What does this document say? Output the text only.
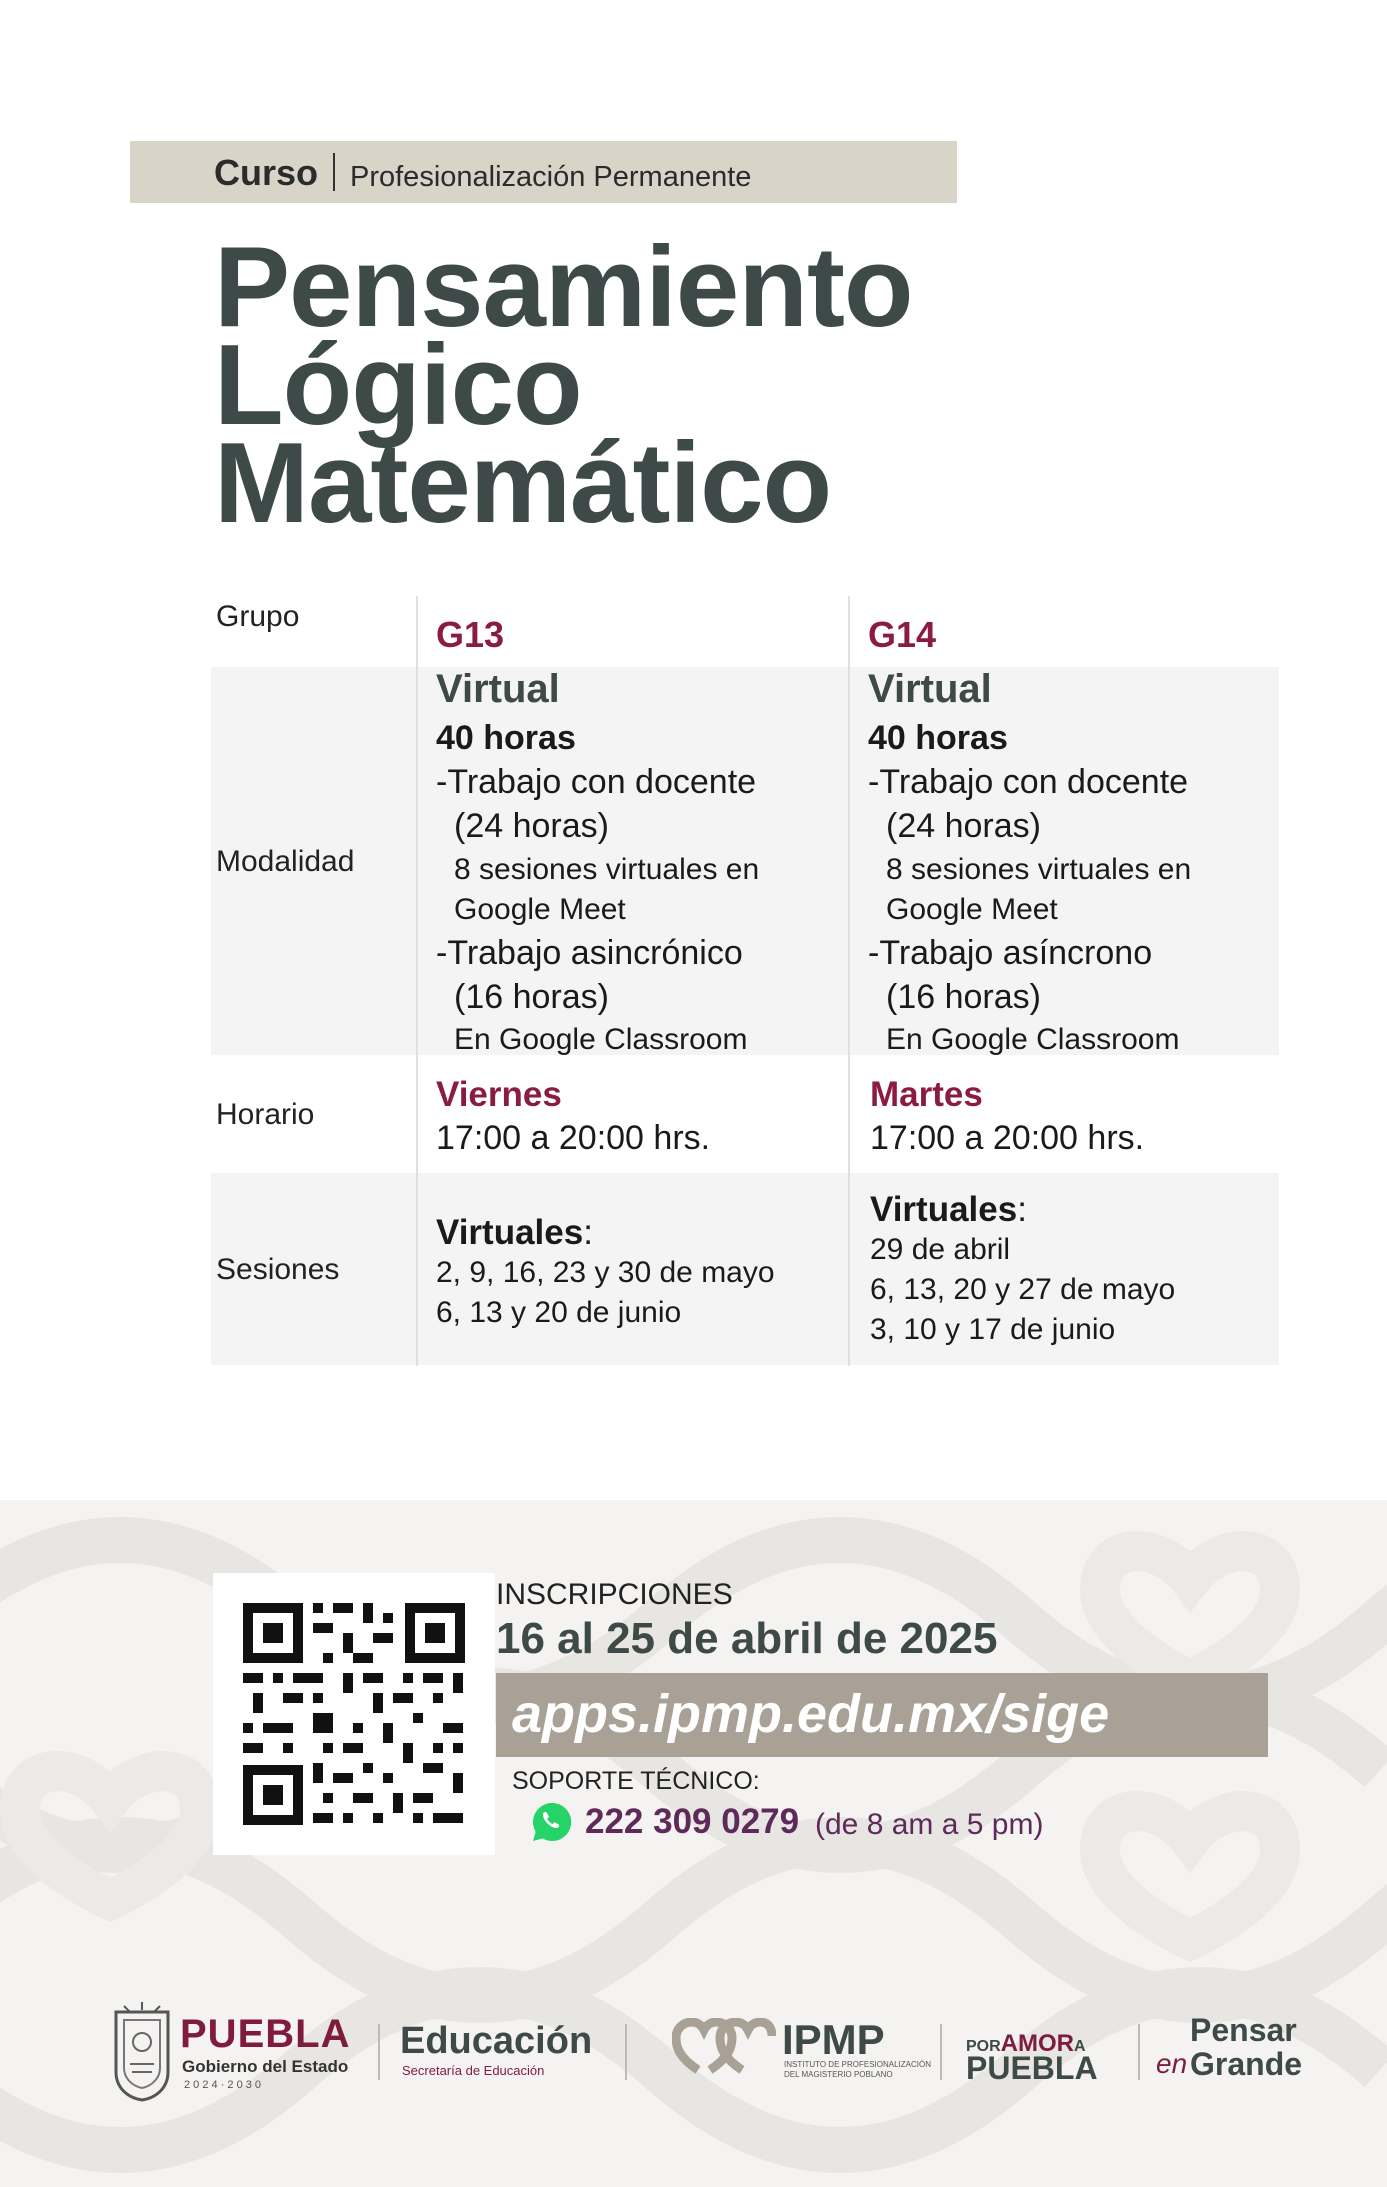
Curso Profesionalización Permanente
Pensamiento
Lógico
Matemático
Grupo
Modalidad
Horario
Sesiones
G13
Virtual
40 horas
-Trabajo con docente
(24 horas)
8 sesiones virtuales en
Google Meet
-Trabajo asincrónico
(16 horas)
En Google Classroom
Viernes
17:00 a 20:00 hrs.
Virtuales:
2, 9, 16, 23 y 30 de mayo
6, 13 y 20 de junio
G14
Virtual
40 horas
-Trabajo con docente
(24 horas)
8 sesiones virtuales en
Google Meet
-Trabajo asíncrono
(16 horas)
En Google Classroom
Martes
17:00 a 20:00 hrs.
Virtuales:
29 de abril
6, 13, 20 y 27 de mayo
3, 10 y 17 de junio
INSCRIPCIONES
16 al 25 de abril de 2025
apps.ipmp.edu.mx/sige
SOPORTE TÉCNICO:
222 309 0279 (de 8 am a 5 pm)
PUEBLA
Gobierno del Estado
2 0 2 4 · 2 0 3 0
Educación
Secretaría de Educación
IPMP
INSTITUTO DE PROFESIONALIZACIÓN
DEL MAGISTERIO POBLANO
PORAMORA
PUEBLA
Pensar
en Grande
